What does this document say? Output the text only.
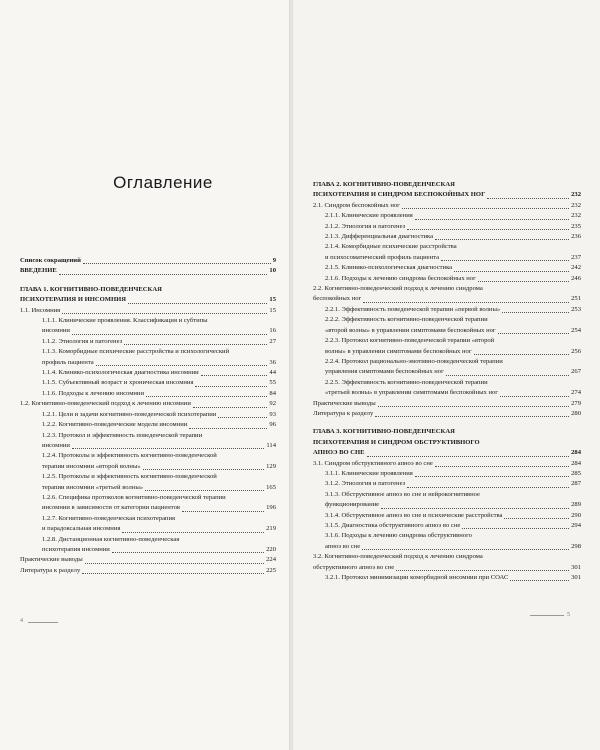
Оглавление
Список сокращений	9
ВВЕДЕНИЕ	10
ГЛАВА 1. КОГНИТИВНО-ПОВЕДЕНЧЕСКАЯ
ПСИХОТЕРАПИЯ И ИНСОМНИЯ	15
1.1. Инсомния	15
1.1.1. Клинические проявления. Классификация и субтипы
инсомнии	16
1.1.2. Этиология и патогенез	27
1.1.3. Коморбидные психические расстройства и психологический
профиль пациента	36
1.1.4. Клинико-психологическая диагностика инсомнии	44
1.1.5. Субъективный возраст и хроническая инсомния	55
1.1.6. Подходы к лечению инсомнии	84
1.2. Когнитивно-поведенческий подход к лечению инсомнии	92
1.2.1. Цели и задачи когнитивно-поведенческой психотерапии	93
1.2.2. Когнитивно-поведенческие модели инсомнии	96
1.2.3. Протокол и эффективность поведенческой терапии
инсомнии	114
1.2.4. Протоколы и эффективность когнитивно-поведенческой
терапии инсомнии «второй волны»	129
1.2.5. Протоколы и эффективность когнитивно-поведенческой
терапии инсомнии «третьей волны»	165
1.2.6. Специфика протоколов когнитивно-поведенческой терапии
инсомнии в зависимости от категории пациентов	196
1.2.7. Когнитивно-поведенческая психотерапия
и парадоксальная инсомния	219
1.2.8. Дистанционная когнитивно-поведенческая
психотерапия инсомнии	220
Практические выводы	224
Литература к разделу	225
ГЛАВА 2. КОГНИТИВНО-ПОВЕДЕНЧЕСКАЯ
ПСИХОТЕРАПИЯ И СИНДРОМ БЕСПОКОЙНЫХ НОГ	232
2.1. Синдром беспокойных ног	232
2.1.1. Клинические проявления	232
2.1.2. Этиология и патогенез	235
2.1.3. Дифференциальная диагностика	236
2.1.4. Коморбидные психические расстройства
и психосоматический профиль пациента	237
2.1.5. Клинико-психологическая диагностика	242
2.1.6. Подходы к лечению синдрома беспокойных ног	246
2.2. Когнитивно-поведенческий подход к лечению синдрома
беспокойных ног	251
2.2.1. Эффективность поведенческой терапии «первой волны»	253
2.2.2. Эффективность когнитивно-поведенческой терапии
«второй волны» в управлении симптомами беспокойных ног	254
2.2.3. Протокол когнитивно-поведенческой терапии «второй
волны» в управлении симптомами беспокойных ног	256
2.2.4. Протокол рационально-эмотивно-поведенческой терапии
управления симптомами беспокойных ног	267
2.2.5. Эффективность когнитивно-поведенческой терапии
«третьей волны» в управлении симптомами беспокойных ног	274
Практические выводы	279
Литература к разделу	280
ГЛАВА 3. КОГНИТИВНО-ПОВЕДЕНЧЕСКАЯ
ПСИХОТЕРАПИЯ И СИНДРОМ ОБСТРУКТИВНОГО
АПНОЭ ВО СНЕ	284
3.1. Синдром обструктивного апноэ во сне	284
3.1.1. Клинические проявления	285
3.1.2. Этиология и патогенез	287
3.1.3. Обструктивное апноэ во сне и нейрокогнитивное
функционирование	289
3.1.4. Обструктивное апноэ во сне и психические расстройства	290
3.1.5. Диагностика обструктивного апноэ во сне	294
3.1.6. Подходы к лечению синдрома обструктивного
апноэ во сне	298
3.2. Когнитивно-поведенческий подход к лечению синдрома
обструктивного апноэ во сне	301
3.2.1. Протокол минимизации коморбидной инсомнии при СОАС	301
4
5
